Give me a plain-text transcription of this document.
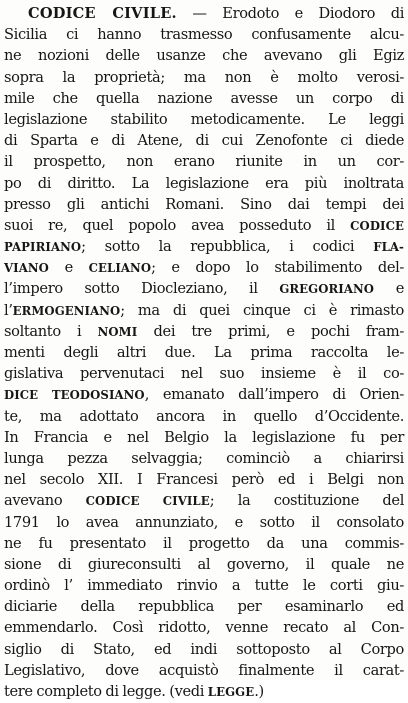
CODICE CIVILE. — Erodoto e Diodoro di
Sicilia ci hanno trasmesso confusamente alcu-
ne nozioni delle usanze che avevano gli Egiz
sopra la proprietà; ma non è molto verosi-
mile che quella nazione avesse un corpo di
legislazione stabilito metodicamente. Le leggi
di Sparta e di Atene, di cui Zenofonte ci diede
il prospetto, non erano riunite in un cor-
po di diritto. La legislazione era più inoltrata
presso gli antichi Romani. Sino dai tempi dei
suoi re, quel popolo avea posseduto il CODICE
PAPIRIANO; sotto la repubblica, i codici FLA-
VIANO e CELIANO; e dopo lo stabilimento del-
l’impero sotto Diocleziano, il GREGORIANO e
l’ERMOGENIANO; ma di quei cinque ci è rimasto
soltanto i NOMI dei tre primi, e pochi fram-
menti degli altri due. La prima raccolta le-
gislativa pervenutaci nel suo insieme è il co-
DICE TEODOSIANO, emanato dall’impero di Orien-
te, ma adottato ancora in quello d’Occidente.
In Francia e nel Belgio la legislazione fu per
lunga pezza selvaggia; cominciò a chiarirsi
nel secolo XII. I Francesi però ed i Belgi non
avevano CODICE CIVILE; la costituzione del
1791 lo avea annunziato, e sotto il consolato
ne fu presentato il progetto da una commis-
sione di giureconsulti al governo, il quale ne
ordinò l’ immediato rinvio a tutte le corti giu-
diciarie della repubblica per esaminarlo ed
emmendarlo. Così ridotto, venne recato al Con-
siglio di Stato, ed indi sottoposto al Corpo
Legislativo, dove acquistò finalmente il carat-
tere completo di legge. (vedi LEGGE.)
